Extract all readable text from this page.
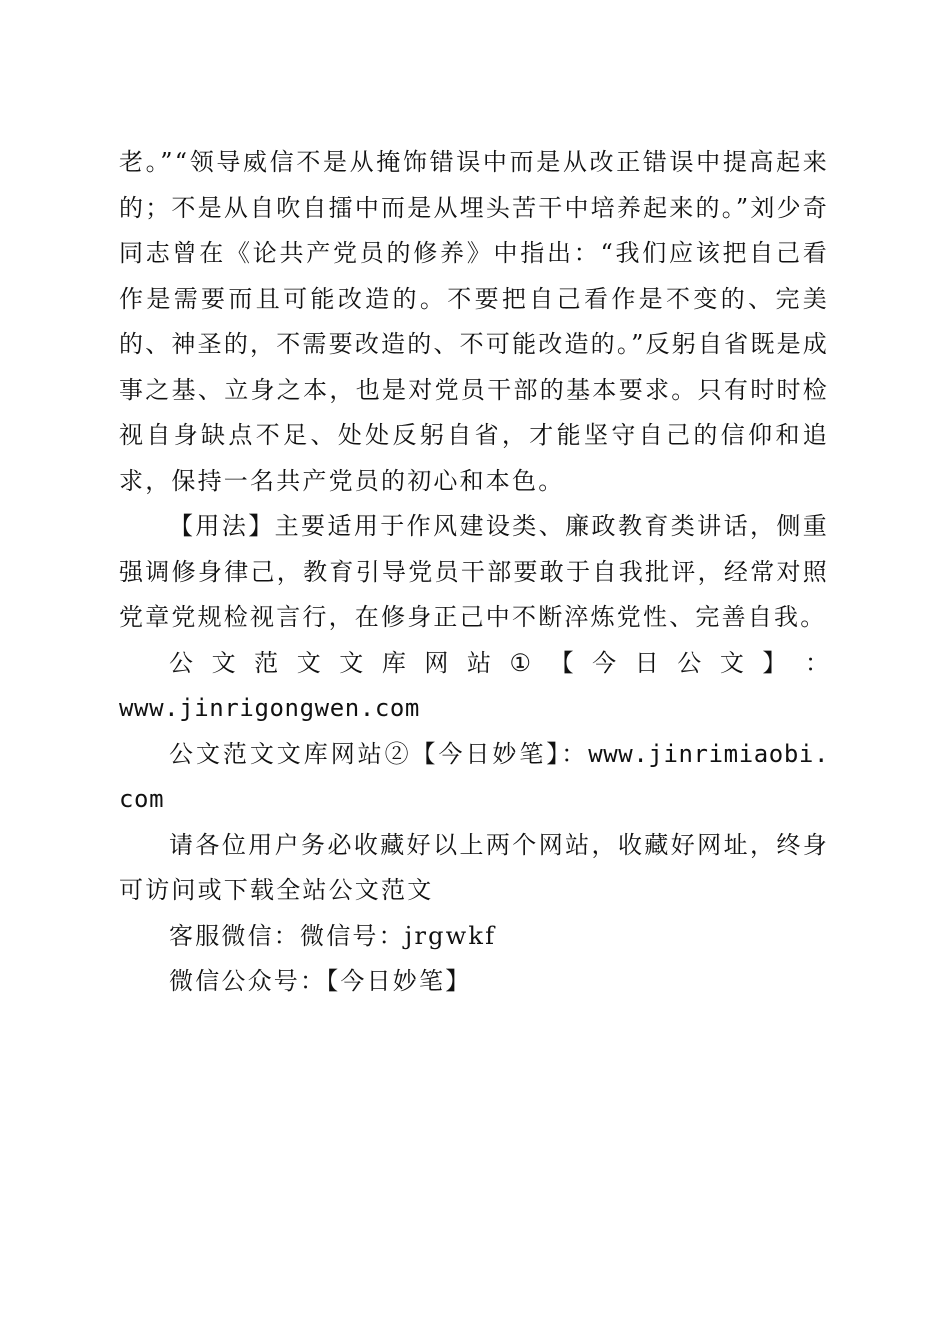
老。”“领导威信不是从掩饰错误中而是从改正错误中提高起来的；不是从自吹自擂中而是从埋头苦干中培养起来的。”刘少奇同志曾在《论共产党员的修养》中指出：“我们应该把自己看作是需要而且可能改造的。不要把自己看作是不变的、完美的、神圣的，不需要改造的、不可能改造的。”反躬自省既是成事之基、立身之本，也是对党员干部的基本要求。只有时时检视自身缺点不足、处处反躬自省，才能坚守自己的信仰和追求，保持一名共产党员的初心和本色。

【用法】主要适用于作风建设类、廉政教育类讲话，侧重强调修身律己，教育引导党员干部要敢于自我批评，经常对照党章党规检视言行，在修身正己中不断淬炼党性、完善自我。

公 文 范 文 文 库 网 站 ① 【 今 日 公 文 】 ：

www.jinrigongwen.com

公文范文文库网站②【今日妙笔】：www.jinrimiaobi.com

请各位用户务必收藏好以上两个网站，收藏好网址，终身可访问或下载全站公文范文

客服微信：微信号：jrgwkf

微信公众号：【今日妙笔】
